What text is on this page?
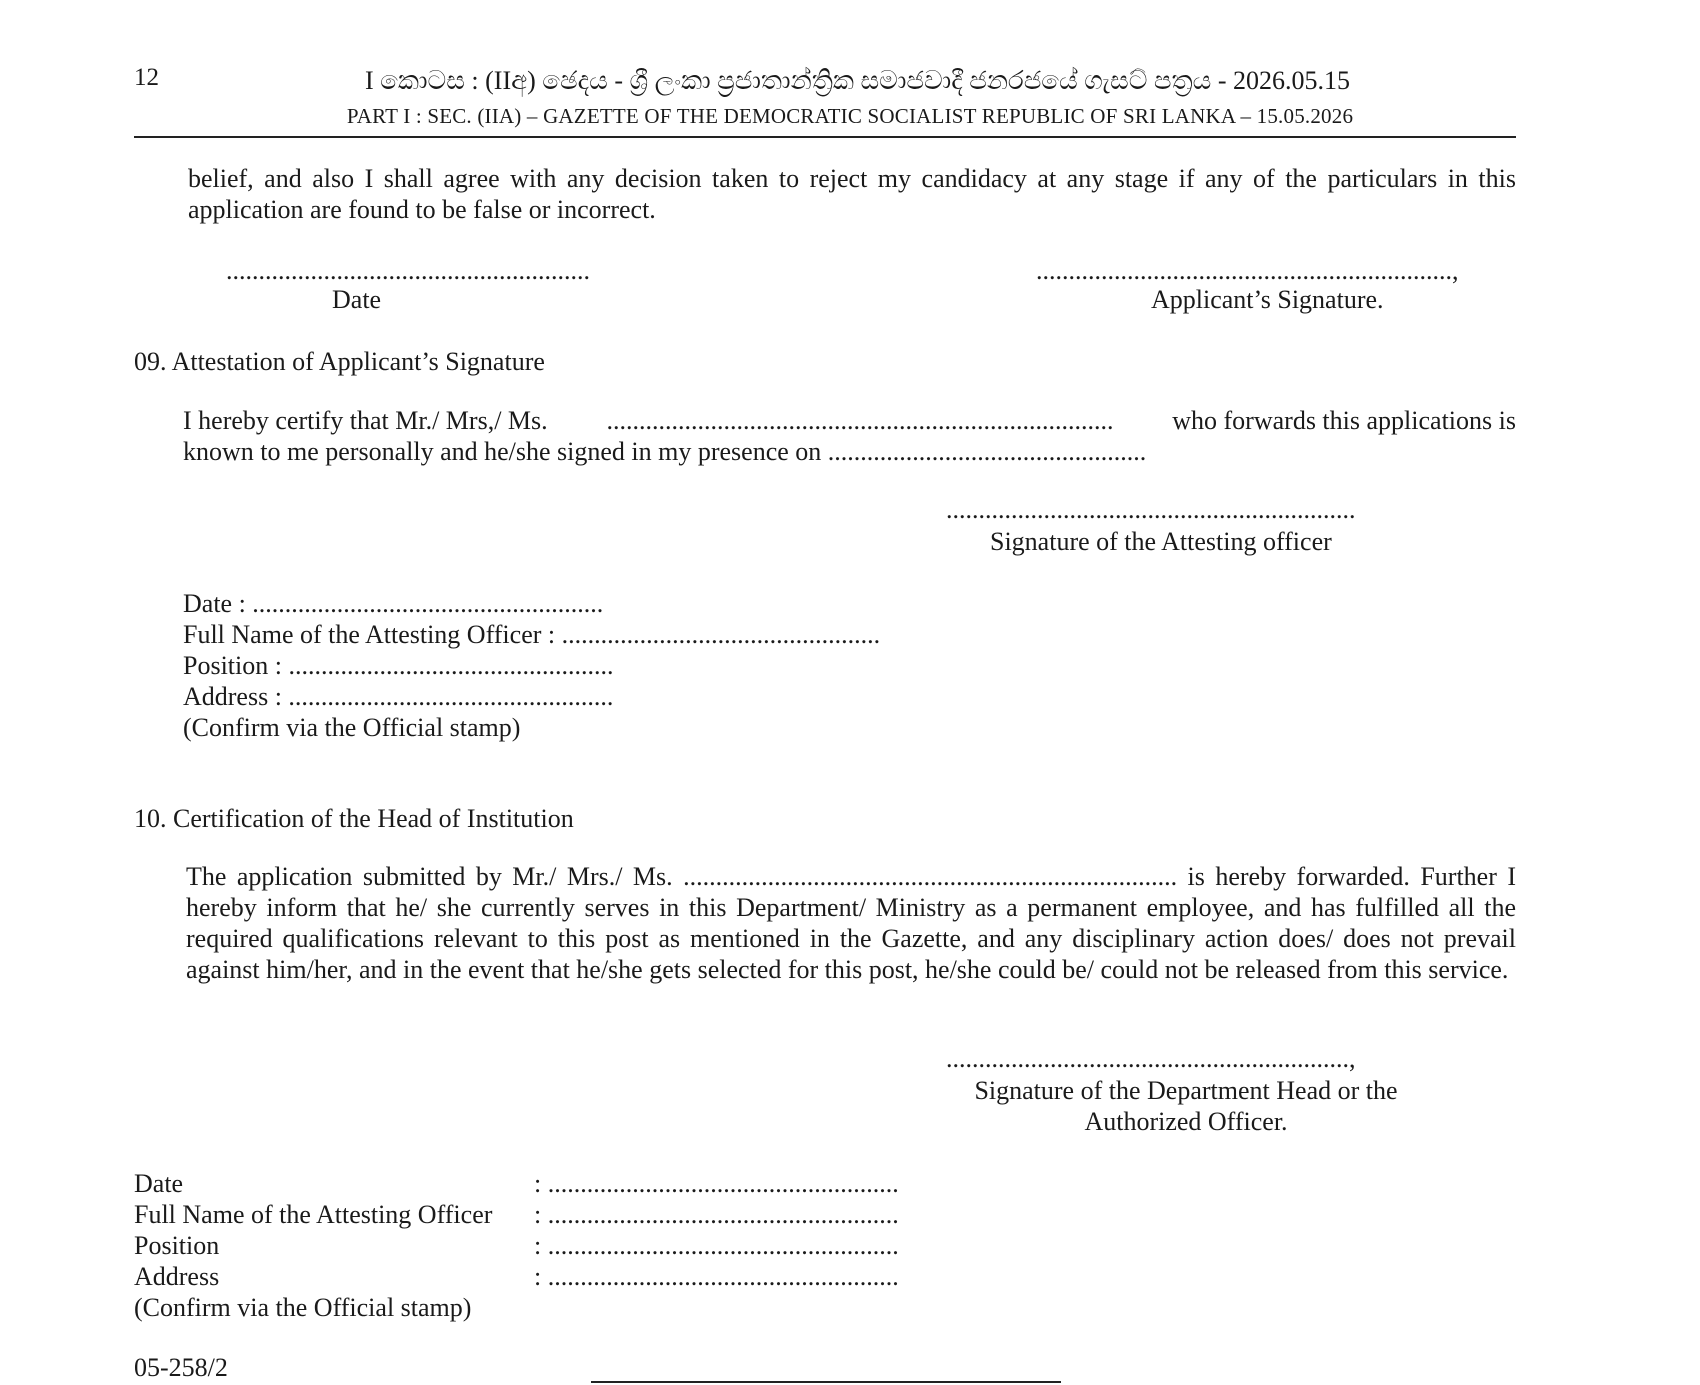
12	I කොටස : (IIඅ) ඡෙදය - ශ්‍රී ලංකා ප්‍රජාතාන්ත්‍රික සමාජවාදී ජනරජයේ ගැසට් පත්‍රය - 2026.05.15
PART I : SEC. (IIA) – GAZETTE OF THE DEMOCRATIC SOCIALIST REPUBLIC OF SRI LANKA – 15.05.2026
belief, and also I shall agree with any decision taken to reject my candidacy at any stage if any of the particulars in this application are found to be false or incorrect.
........................................................
Date
................................................................,
Applicant’s Signature.
09. Attestation of Applicant’s Signature
I hereby certify that Mr./ Mrs,/ Ms. .............................................................................. who forwards this applications is
known to me personally and he/she signed in my presence on .................................................
...............................................................
Signature of the Attesting officer
Date : ......................................................
Full Name of the Attesting Officer : .................................................
Position : ..................................................
Address : ..................................................
(Confirm via the Official stamp)
10. Certification of the Head of Institution
The application submitted by Mr./ Mrs./ Ms. ............................................................................ is hereby forwarded. Further I hereby inform that he/ she currently serves in this Department/ Ministry as a permanent employee, and has fulfilled all the required qualifications relevant to this post as mentioned in the Gazette, and any disciplinary action does/ does not prevail against him/her, and in the event that he/she gets selected for this post, he/she could be/ could not be released from this service.
..............................................................,
Signature of the Department Head or the
Authorized Officer.
Date	: ......................................................
Full Name of the Attesting Officer : ......................................................
Position	: ......................................................
Address	: ......................................................
(Confirm via the Official stamp)
05-258/2
